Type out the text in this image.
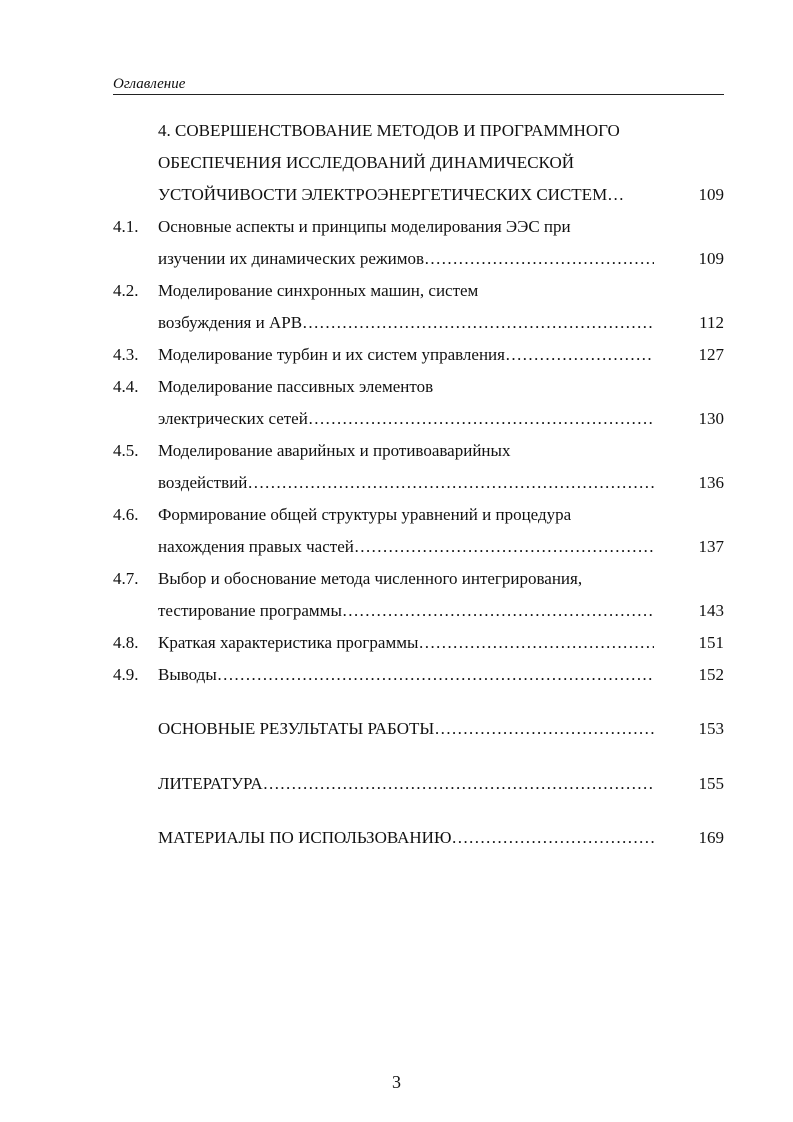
Оглавление
4. СОВЕРШЕНСТВОВАНИЕ МЕТОДОВ И ПРОГРАММНОГО
ОБЕСПЕЧЕНИЯ ИССЛЕДОВАНИЙ ДИНАМИЧЕСКОЙ
УСТОЙЧИВОСТИ ЭЛЕКТРОЭНЕРГЕТИЧЕСКИХ СИСТЕМ…	109
4.1.	Основные аспекты и принципы моделирования ЭЭС при
изучении их динамических режимов ……………………………………………………………………………………………………………………………………………………	109
4.2.	Моделирование синхронных машин, систем
возбуждения и АРВ ……………………………………………………………………………………………………………………………………………………	112
4.3.	Моделирование турбин и их систем управления ……………………………………………………………………………………………………………………………………………………	127
4.4.	Моделирование пассивных элементов
электрических сетей ……………………………………………………………………………………………………………………………………………………	130
4.5.	Моделирование аварийных и противоаварийных
воздействий ……………………………………………………………………………………………………………………………………………………	136
4.6.	Формирование общей структуры уравнений и процедура
нахождения правых частей ……………………………………………………………………………………………………………………………………………………	137
4.7.	Выбор и обоснование метода численного интегрирования,
тестирование программы ……………………………………………………………………………………………………………………………………………………	143
4.8.	Краткая характеристика программы ……………………………………………………………………………………………………………………………………………………	151
4.9.	Выводы ……………………………………………………………………………………………………………………………………………………	152
ОСНОВНЫЕ РЕЗУЛЬТАТЫ РАБОТЫ ……………………………………………………………………………………………………………………………………………………	153
ЛИТЕРАТУРА ……………………………………………………………………………………………………………………………………………………	155
МАТЕРИАЛЫ ПО ИСПОЛЬЗОВАНИЮ ……………………………………………………………………………………………………………………………………………………	169
3
